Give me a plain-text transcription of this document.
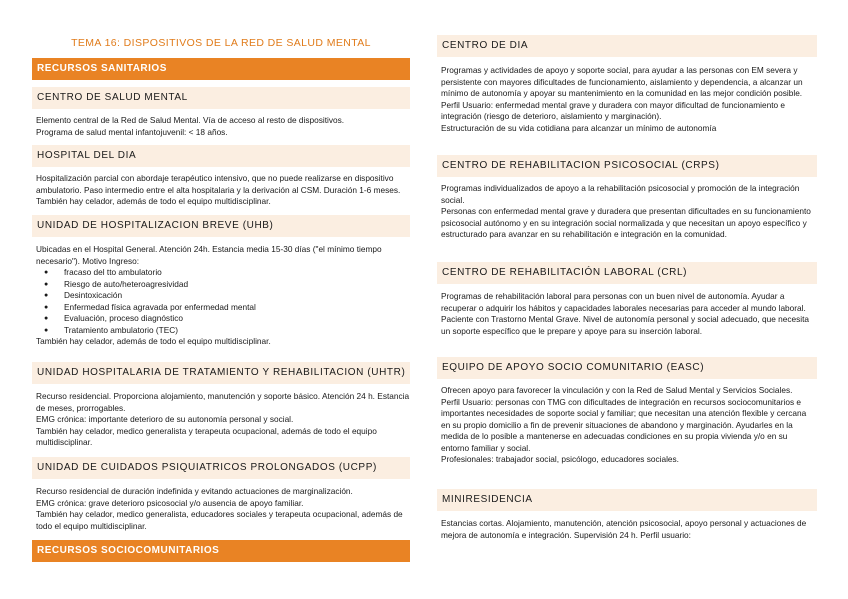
TEMA 16: DISPOSITIVOS DE LA RED DE SALUD MENTAL
RECURSOS SANITARIOS
CENTRO DE SALUD MENTAL

Elemento central de la Red de Salud Mental. Vía de acceso al resto de dispositivos.

Programa de salud mental infantojuvenil: < 18 años.

HOSPITAL DEL DIA

Hospitalización parcial con abordaje terapéutico intensivo, que no puede realizarse en dispositivo ambulatorio. Paso intermedio entre el alta hospitalaria y la derivación al CSM. Duración 1-6 meses. También hay celador, además de todo el equipo multidisciplinar.

UNIDAD DE HOSPITALIZACION BREVE (UHB)

Ubicadas en el Hospital General. Atención 24h. Estancia media 15-30 días ("el mínimo tiempo necesario"). Motivo Ingreso:

● fracaso del tto ambulatorio
● Riesgo de auto/heteroagresividad
● Desintoxicación
● Enfermedad física agravada por enfermedad mental
● Evaluación, proceso diagnóstico
● Tratamiento ambulatorio (TEC)

También hay celador, además de todo el equipo multidisciplinar.

UNIDAD HOSPITALARIA DE TRATAMIENTO Y REHABILITACION (UHTR)

Recurso residencial. Proporciona alojamiento, manutención y soporte básico. Atención 24 h. Estancia de meses, prorrogables.

EMG crónica: importante deterioro de su autonomía personal y social.

También hay celador, medico generalista y terapeuta ocupacional, además de todo el equipo multidisciplinar.

UNIDAD DE CUIDADOS PSIQUIATRICOS PROLONGADOS (UCPP)

Recurso residencial de duración indefinida y evitando actuaciones de marginalización.

EMG crónica: grave deterioro psicosocial y/o ausencia de apoyo familiar.

También hay celador, medico generalista, educadores sociales y terapeuta ocupacional, además de todo el equipo multidisciplinar.

RECURSOS SOCIOCOMUNITARIOS
CENTRO DE DIA

Programas y actividades de apoyo y soporte social, para ayudar a las personas con EM severa y persistente con mayores dificultades de funcionamiento, aislamiento y dependencia, a alcanzar un mínimo de autonomía y apoyar su mantenimiento en la comunidad en las mejor condición posible.

Perfil Usuario: enfermedad mental grave y duradera con mayor dificultad de funcionamiento e integración (riesgo de deterioro, aislamiento y marginación).

Estructuración de su vida cotidiana para alcanzar un mínimo de autonomía

CENTRO DE REHABILITACION PSICOSOCIAL (CRPS)

Programas individualizados de apoyo a la rehabilitación psicosocial y promoción de la integración social.

Personas con enfermedad mental grave y duradera que presentan dificultades en su funcionamiento psicosocial autónomo y en su integración social normalizada y que necesitan un apoyo específico y estructurado para avanzar en su rehabilitación e integración en la comunidad.

CENTRO DE REHABILITACIÓN LABORAL (CRL)

Programas de rehabilitación laboral para personas con un buen nivel de autonomía. Ayudar a recuperar o adquirir los hábitos y capacidades laborales necesarias para acceder al mundo laboral.

Paciente con Trastorno Mental Grave. Nivel de autonomía personal y social adecuado, que necesita un soporte específico que le prepare y apoye para su inserción laboral.

EQUIPO DE APOYO SOCIO COMUNITARIO (EASC)

Ofrecen apoyo para favorecer la vinculación y con la Red de Salud Mental y Servicios Sociales.

Perfil Usuario: personas con TMG con dificultades de integración en recursos sociocomunitarios e importantes necesidades de soporte social y familiar; que necesitan una atención flexible y cercana en su propio domicilio a fin de prevenir situaciones de abandono y marginación. Ayudarles en la medida de lo posible a mantenerse en adecuadas condiciones en su propia vivienda y/o en su entorno familiar y social.

Profesionales: trabajador social, psicólogo, educadores sociales.

MINIRESIDENCIA

Estancias cortas. Alojamiento, manutención, atención psicosocial, apoyo personal y actuaciones de mejora de autonomía e integración. Supervisión 24 h. Perfil usuario:
